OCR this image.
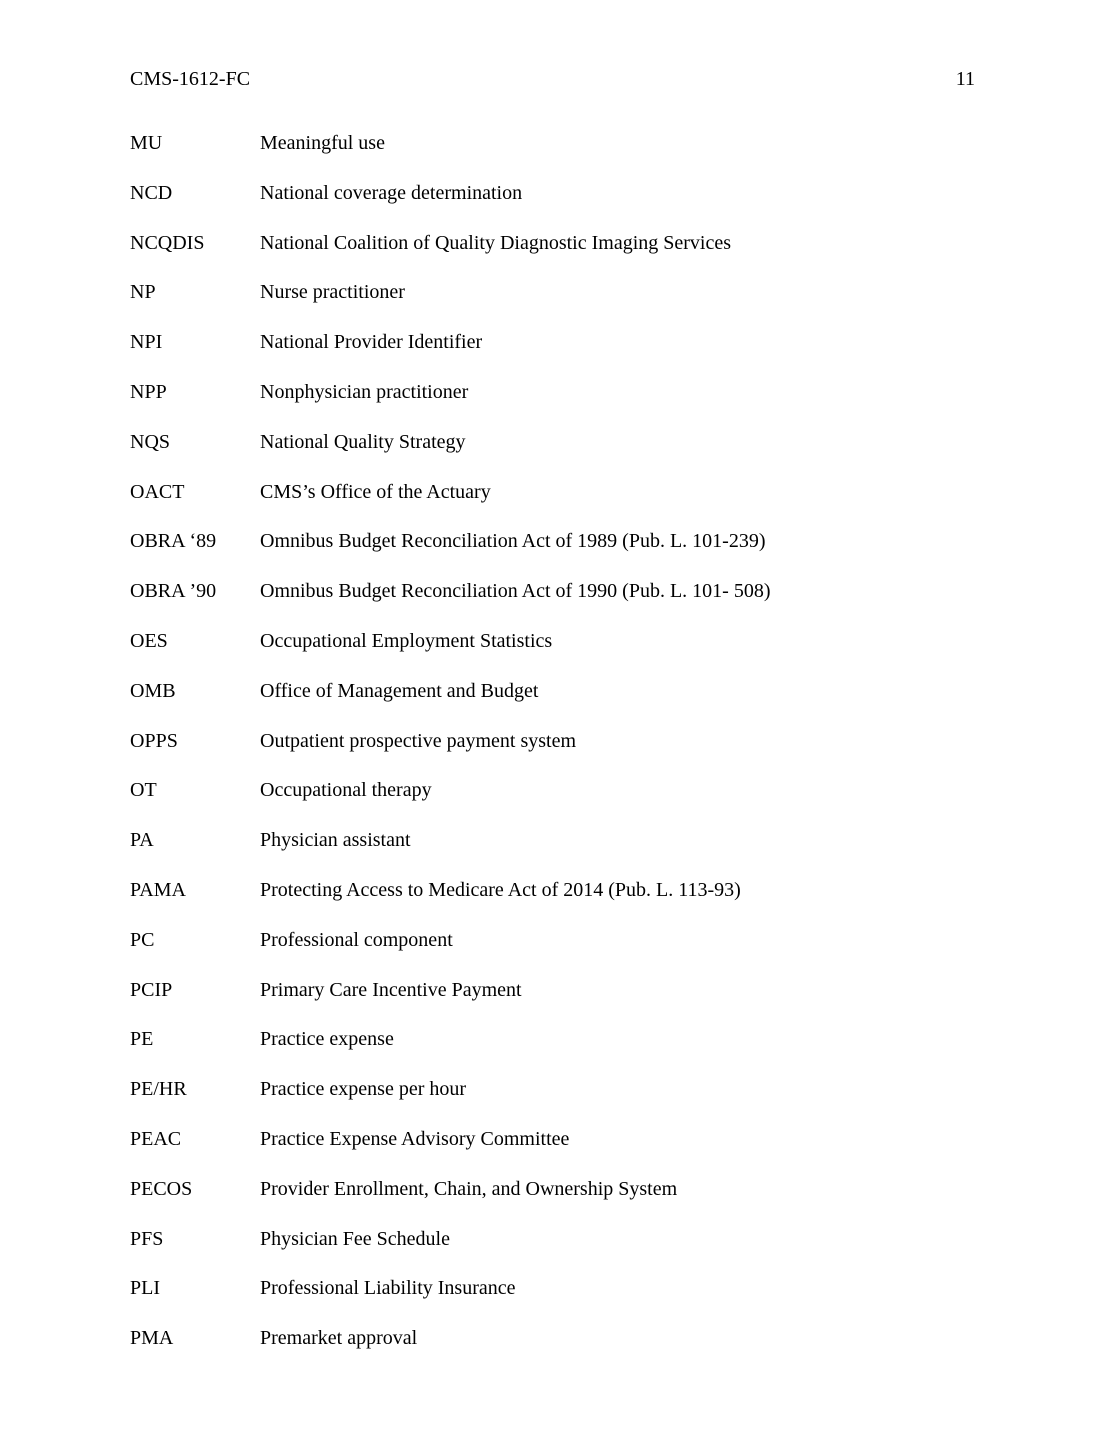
CMS-1612-FC	11
MU	Meaningful use
NCD	National coverage determination
NCQDIS	National Coalition of Quality Diagnostic Imaging Services
NP	Nurse practitioner
NPI	National Provider Identifier
NPP	Nonphysician practitioner
NQS	National Quality Strategy
OACT	CMS’s Office of the Actuary
OBRA ‘89	Omnibus Budget Reconciliation Act of 1989 (Pub. L. 101-239)
OBRA ’90	Omnibus Budget Reconciliation Act of 1990 (Pub. L. 101- 508)
OES	Occupational Employment Statistics
OMB	Office of Management and Budget
OPPS	Outpatient prospective payment system
OT	Occupational therapy
PA	Physician assistant
PAMA	Protecting Access to Medicare Act of 2014 (Pub. L. 113-93)
PC	Professional component
PCIP	Primary Care Incentive Payment
PE	Practice expense
PE/HR	Practice expense per hour
PEAC	Practice Expense Advisory Committee
PECOS	Provider Enrollment, Chain, and Ownership System
PFS	Physician Fee Schedule
PLI	Professional Liability Insurance
PMA	Premarket approval
